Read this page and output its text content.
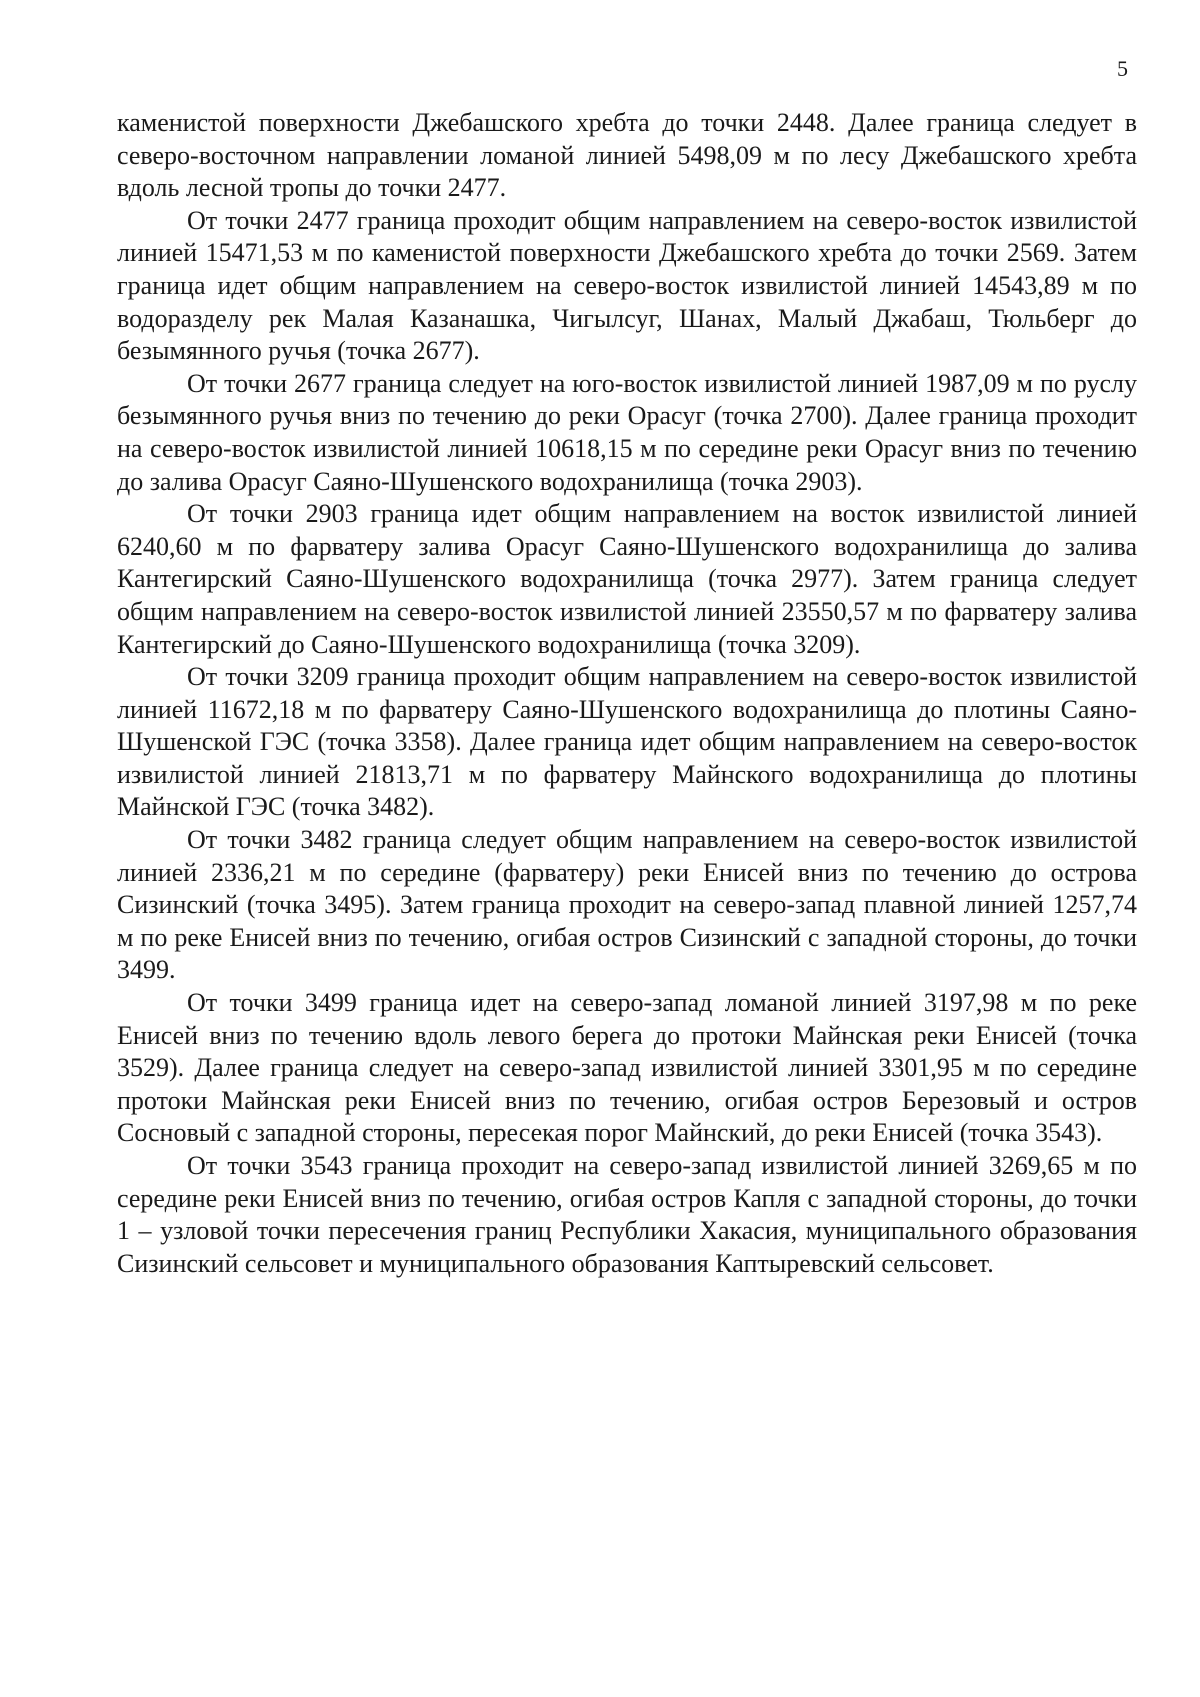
5

каменистой поверхности Джебашского хребта до точки 2448. Далее граница следует в северо-восточном направлении ломаной линией 5498,09 м по лесу Джебашского хребта вдоль лесной тропы до точки 2477.

От точки 2477 граница проходит общим направлением на северо-восток извилистой линией 15471,53 м по каменистой поверхности Джебашского хребта до точки 2569. Затем граница идет общим направлением на северо-восток извилистой линией 14543,89 м по водоразделу рек Малая Казанашка, Чигылсуг, Шанах, Малый Джабаш, Тюльберг до безымянного ручья (точка 2677).

От точки 2677 граница следует на юго-восток извилистой линией 1987,09 м по руслу безымянного ручья вниз по течению до реки Орасуг (точка 2700). Далее граница проходит на северо-восток извилистой линией 10618,15 м по середине реки Орасуг вниз по течению до залива Орасуг Саяно-Шушенского водохранилища (точка 2903).

От точки 2903 граница идет общим направлением на восток извилистой линией 6240,60 м по фарватеру залива Орасуг Саяно-Шушенского водохранилища до залива Кантегирский Саяно-Шушенского водохранилища (точка 2977). Затем граница следует общим направлением на северо-восток извилистой линией 23550,57 м по фарватеру залива Кантегирский до Саяно-Шушенского водохранилища (точка 3209).

От точки 3209 граница проходит общим направлением на северо-восток извилистой линией 11672,18 м по фарватеру Саяно-Шушенского водохранилища до плотины Саяно-Шушенской ГЭС (точка 3358). Далее граница идет общим направлением на северо-восток извилистой линией 21813,71 м по фарватеру Майнского водохранилища до плотины Майнской ГЭС (точка 3482).

От точки 3482 граница следует общим направлением на северо-восток извилистой линией 2336,21 м по середине (фарватеру) реки Енисей вниз по течению до острова Сизинский (точка 3495). Затем граница проходит на северо-запад плавной линией 1257,74 м по реке Енисей вниз по течению, огибая остров Сизинский с западной стороны, до точки 3499.

От точки 3499 граница идет на северо-запад ломаной линией 3197,98 м по реке Енисей вниз по течению вдоль левого берега до протоки Майнская реки Енисей (точка 3529). Далее граница следует на северо-запад извилистой линией 3301,95 м по середине протоки Майнская реки Енисей вниз по течению, огибая остров Березовый и остров Сосновый с западной стороны, пересекая порог Майнский, до реки Енисей (точка 3543).

От точки 3543 граница проходит на северо-запад извилистой линией 3269,65 м по середине реки Енисей вниз по течению, огибая остров Капля с западной стороны, до точки 1 – узловой точки пересечения границ Республики Хакасия, муниципального образования Сизинский сельсовет и муниципального образования Каптыревский сельсовет.
